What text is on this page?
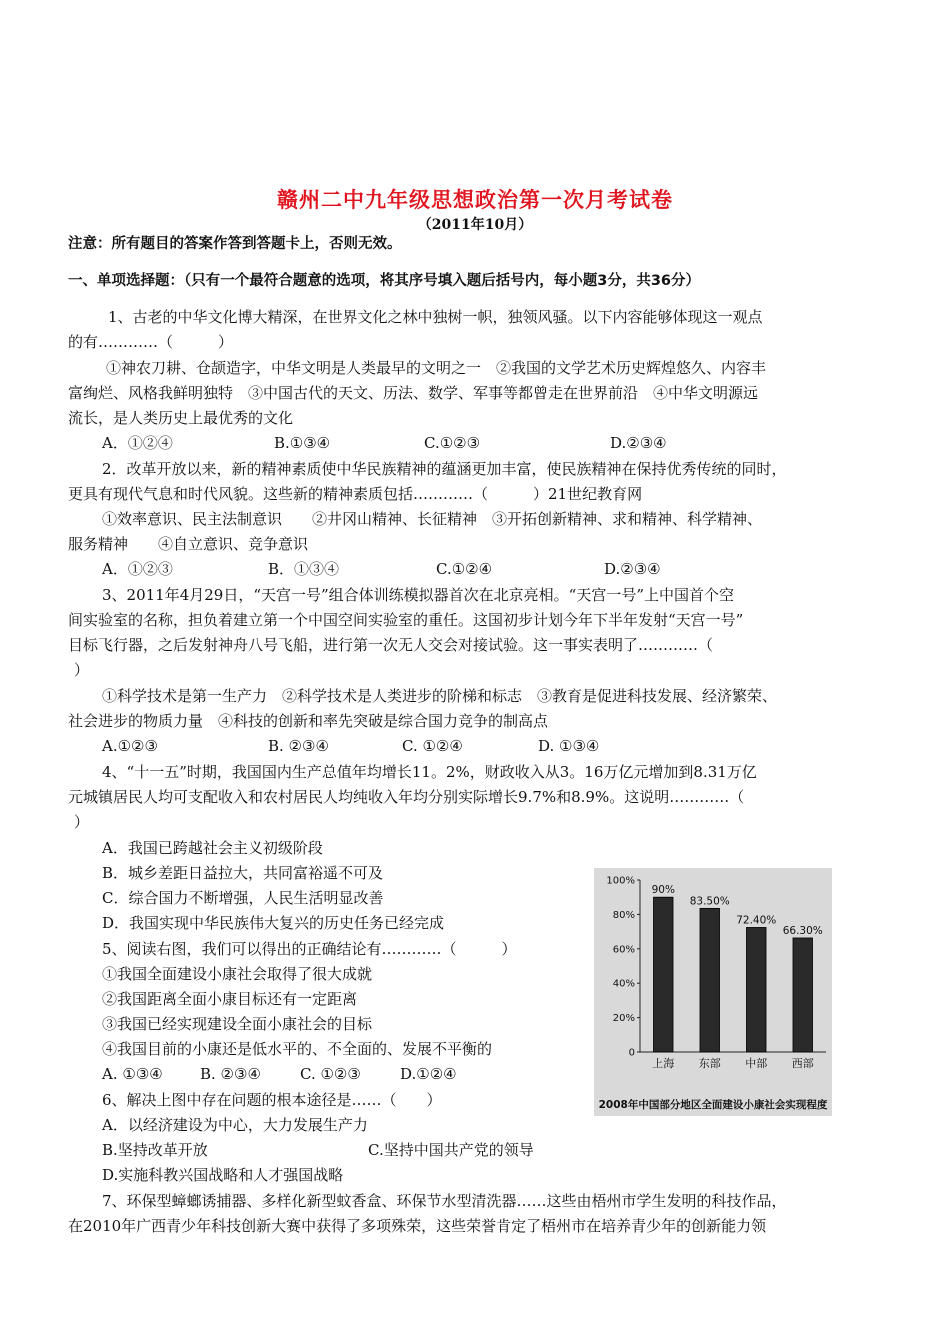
赣州二中九年级思想政治第一次月考试卷
（2011年10月）
注意：所有题目的答案作答到答题卡上，否则无效。
一、单项选择题：（只有一个最符合题意的选项，将其序号填入题后括号内，每小题3分，共36分）
1、古老的中华文化博大精深，在世界文化之林中独树一帜，独领风骚。以下内容能够体现这一观点
的有…………（　　　）
①神农刀耕、仓颉造字，中华文明是人类最早的文明之一　②我国的文学艺术历史辉煌悠久、内容丰
富绚烂、风格我鲜明独特　③中国古代的天文、历法、数学、军事等都曾走在世界前沿　④中华文明源远
流长，是人类历史上最优秀的文化
A．①②④	B.①③④	C.①②③	D.②③④
2．改革开放以来，新的精神素质使中华民族精神的蕴涵更加丰富，使民族精神在保持优秀传统的同时，
更具有现代气息和时代风貌。这些新的精神素质包括…………（　　　）21世纪教育网
①效率意识、民主法制意识　　②井冈山精神、长征精神　③开拓创新精神、求和精神、科学精神、
服务精神　　④自立意识、竞争意识
A．①②③	B．①③④	C.①②④	D.②③④
3、2011年4月29日，“天宫一号”组合体训练模拟器首次在北京亮相。“天宫一号”上中国首个空
间实验室的名称，担负着建立第一个中国空间实验室的重任。这国初步计划今年下半年发射“天宫一号”
目标飞行器，之后发射神舟八号飞船，进行第一次无人交会对接试验。这一事实表明了…………（
）
①科学技术是第一生产力　②科学技术是人类进步的阶梯和标志　③教育是促进科技发展、经济繁荣、
社会进步的物质力量　④科技的创新和率先突破是综合国力竞争的制高点
A.①②③	B. ②③④	C. ①②④	D. ①③④
4、“十一五”时期，我国国内生产总值年均增长11。2%，财政收入从3。16万亿元增加到8.31万亿
元城镇居民人均可支配收入和农村居民人均纯收入年均分别实际增长9.7%和8.9%。这说明…………（
）
A．我国已跨越社会主义初级阶段
B．城乡差距日益拉大，共同富裕遥不可及
C．综合国力不断增强，人民生活明显改善
D．我国实现中华民族伟大复兴的历史任务已经完成
5、阅读右图，我们可以得出的正确结论有…………（　　　）
①我国全面建设小康社会取得了很大成就
②我国距离全面小康目标还有一定距离
③我国已经实现建设全面小康社会的目标
④我国目前的小康还是低水平的、不全面的、发展不平衡的
A. ①③④ B. ②③④	C. ①②③	D.①②④
6、解决上图中存在问题的根本途径是……（　　）
A．以经济建设为中心，大力发展生产力
B.坚持改革开放	C.坚持中国共产党的领导
D.实施科教兴国战略和人才强国战略
7、环保型蟑螂诱捕器、多样化新型蚊香盒、环保节水型清洗器……这些由梧州市学生发明的科技作品，
在2010年广西青少年科技创新大赛中获得了多项殊荣，这些荣誉肯定了梧州市在培养青少年的创新能力领
0
20%
40%
60%
80%
100%
90%
上海
83.50%
东部
72.40%
中部
66.30%
西部
2008年中国部分地区全面建设小康社会实现程度
